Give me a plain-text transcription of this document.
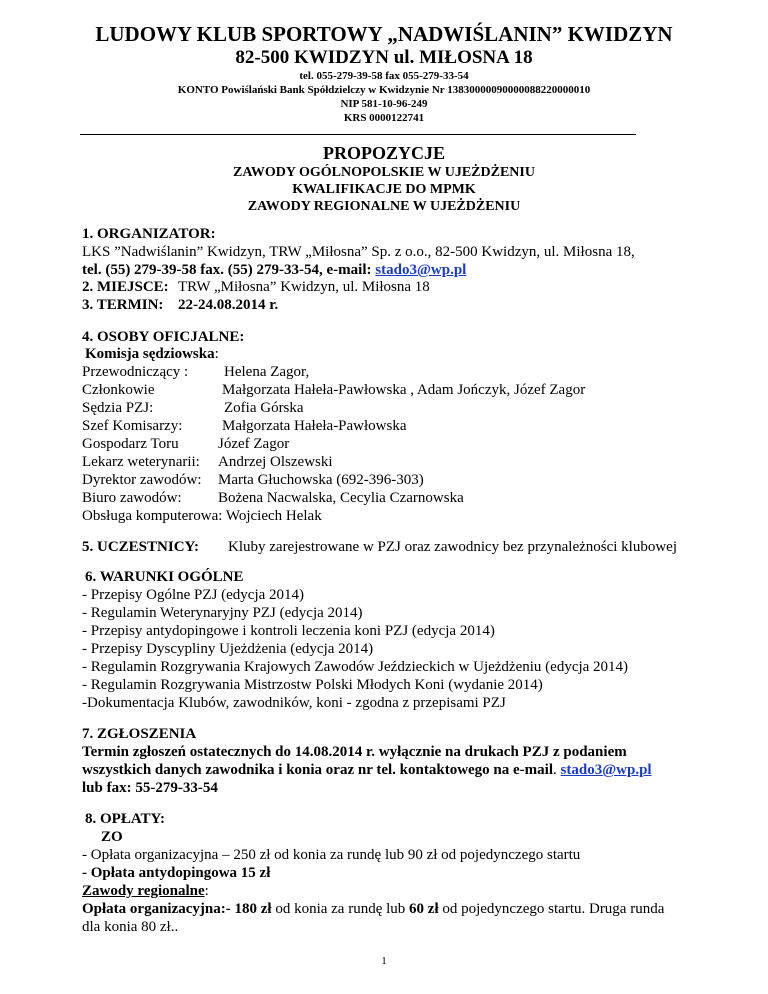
LUDOWY KLUB SPORTOWY „NADWIŚLANIN” KWIDZYN
82-500 KWIDZYN ul. MIŁOSNA 18
tel. 055-279-39-58 fax 055-279-33-54
KONTO Powiślański Bank Spółdzielczy w Kwidzynie Nr 13830000090000088220000010
NIP 581-10-96-249
KRS 0000122741
PROPOZYCJE
ZAWODY OGÓLNOPOLSKIE W UJEŻDŻENIU
KWALIFIKACJE DO MPMK
ZAWODY REGIONALNE W UJEŻDŻENIU
1. ORGANIZATOR:
LKS ”Nadwiślanin” Kwidzyn, TRW „Miłosna” Sp. z o.o., 82-500 Kwidzyn, ul. Miłosna 18,
tel. (55) 279-39-58 fax. (55) 279-33-54, e-mail: stado3@wp.pl
2. MIEJSCE: TRW „Miłosna” Kwidzyn, ul. Miłosna 18
3. TERMIN: 22-24.08.2014 r.
4. OSOBY OFICJALNE:
Komisja sędziowska:
Przewodniczący : Helena Zagor,
Członkowie	Małgorzata Hałeła-Pawłowska , Adam Jończyk, Józef Zagor
Sędzia PZJ:	Zofia Górska
Szef Komisarzy:	Małgorzata Hałeła-Pawłowska
Gospodarz Toru	Józef Zagor
Lekarz weterynarii: Andrzej Olszewski
Dyrektor zawodów: Marta Głuchowska (692-396-303)
Biuro zawodów: Bożena Nacwalska, Cecylia Czarnowska
Obsługa komputerowa: Wojciech Helak
5. UCZESTNICY: Kluby zarejestrowane w PZJ oraz zawodnicy bez przynależności klubowej
6. WARUNKI OGÓLNE
- Przepisy Ogólne PZJ (edycja 2014)
- Regulamin Weterynaryjny PZJ (edycja 2014)
- Przepisy antydopingowe i kontroli leczenia koni PZJ (edycja 2014)
- Przepisy Dyscypliny Ujeżdżenia (edycja 2014)
- Regulamin Rozgrywania Krajowych Zawodów Jeździeckich w Ujeżdżeniu (edycja 2014)
- Regulamin Rozgrywania Mistrzostw Polski Młodych Koni (wydanie 2014)
-Dokumentacja Klubów, zawodników, koni - zgodna z przepisami PZJ
7. ZGŁOSZENIA
Termin zgłoszeń ostatecznych do 14.08.2014 r. wyłącznie na drukach PZJ z podaniem
wszystkich danych zawodnika i konia oraz nr tel. kontaktowego na e-mail. stado3@wp.pl
lub fax: 55-279-33-54
8. OPŁATY:
ZO
- Opłata organizacyjna – 250 zł od konia za rundę lub 90 zł od pojedynczego startu
- Opłata antydopingowa 15 zł
Zawody regionalne:
Opłata organizacyjna:- 180 zł od konia za rundę lub 60 zł od pojedynczego startu. Druga runda
dla konia 80 zł..
1
